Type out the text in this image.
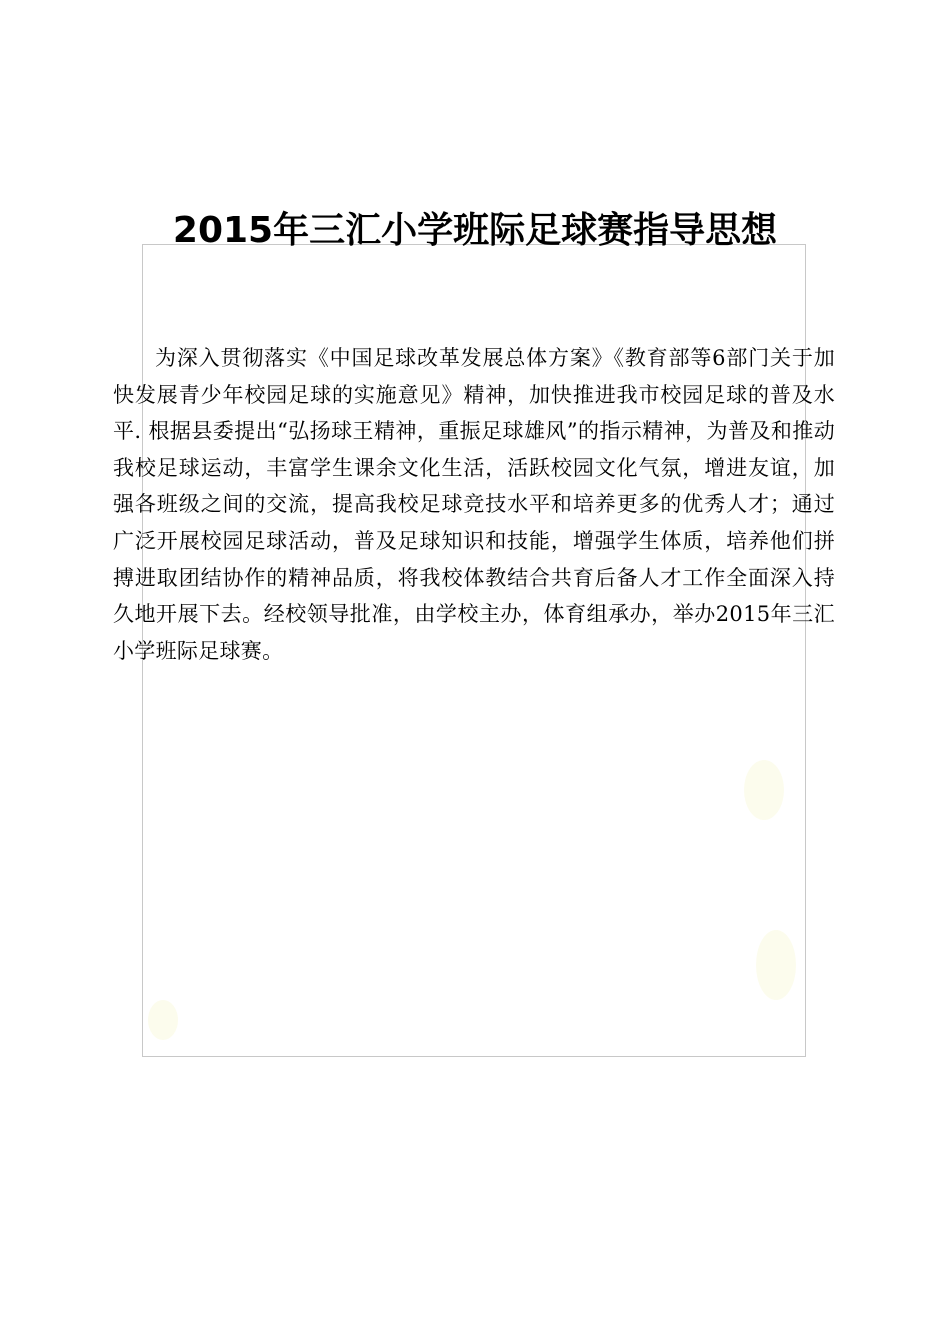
2015年三汇小学班际足球赛指导思想

为深入贯彻落实《中国足球改革发展总体方案》《教育部等6部门关于加快发展青少年校园足球的实施意见》精神，加快推进我市校园足球的普及水平. 根据县委提出“弘扬球王精神，重振足球雄风”的指示精神，为普及和推动我校足球运动，丰富学生课余文化生活，活跃校园文化气氛，增进友谊，加强各班级之间的交流，提高我校足球竞技水平和培养更多的优秀人才；通过广泛开展校园足球活动，普及足球知识和技能，增强学生体质，培养他们拼搏进取团结协作的精神品质，将我校体教结合共育后备人才工作全面深入持久地开展下去。经校领导批准，由学校主办，体育组承办，举办2015年三汇小学班际足球赛。
